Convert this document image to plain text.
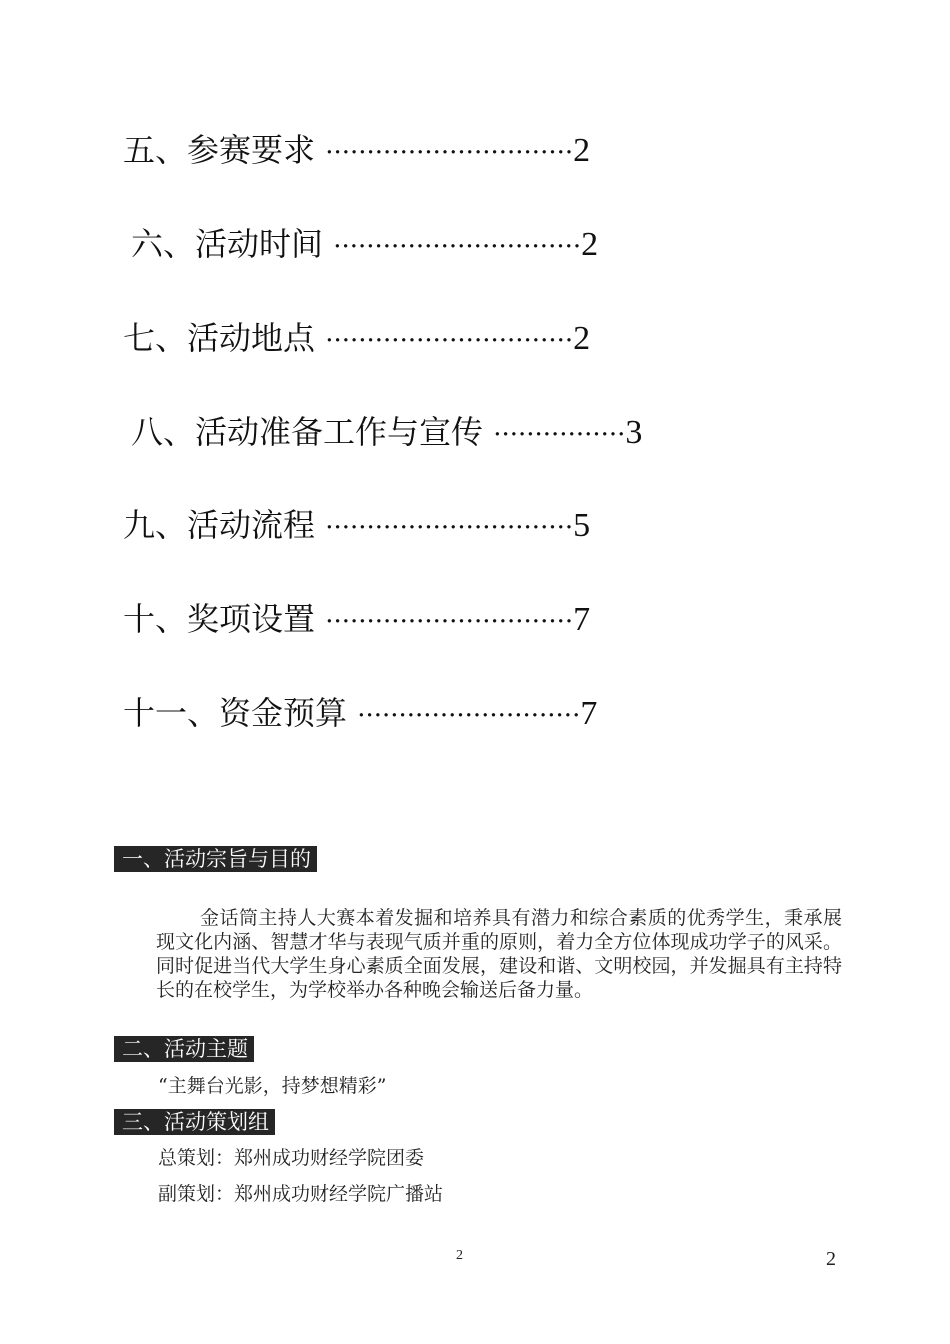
五、参赛要求 ······························2
六、活动时间 ······························2
七、活动地点 ······························2
八、活动准备工作与宣传 ················3
九、活动流程 ······························5
十、奖项设置 ······························7
十一、资金预算 ···························7
一、活动宗旨与目的
金话筒主持人大赛本着发掘和培养具有潜力和综合素质的优秀学生，秉承展现文化内涵、智慧才华与表现气质并重的原则，着力全方位体现成功学子的风采。同时促进当代大学生身心素质全面发展，建设和谐、文明校园，并发掘具有主持特长的在校学生，为学校举办各种晚会输送后备力量。
二、活动主题
“主舞台光影，持梦想精彩”
三、活动策划组
总策划：郑州成功财经学院团委
副策划：郑州成功财经学院广播站
2	2
